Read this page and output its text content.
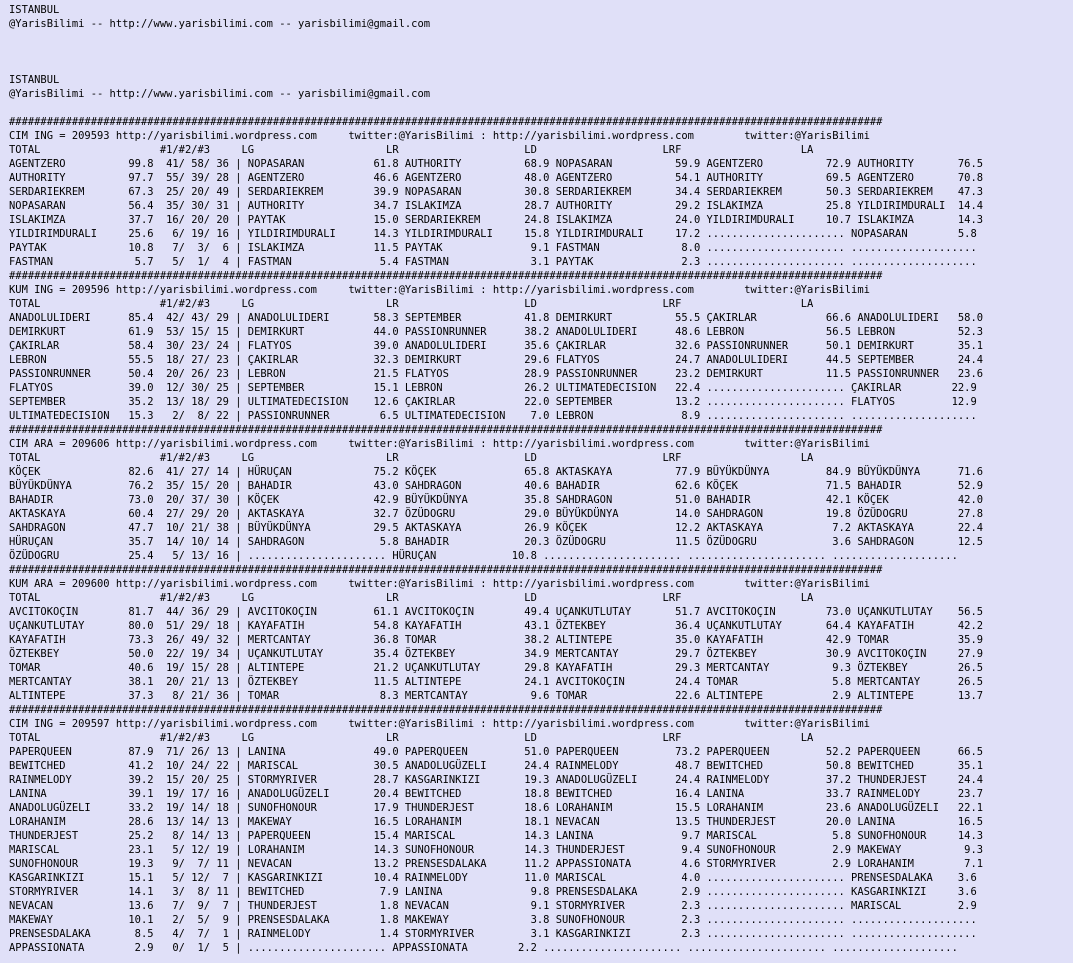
ISTANBUL
@YarisBilimi -- http://www.yarisbilimi.com -- yarisbilimi@gmail.com

ISTANBUL
@YarisBilimi -- http://www.yarisbilimi.com -- yarisbilimi@gmail.com

###########################################################################################################################################
CIM ING = 209593 http://yarisbilimi.wordpress.com     twitter:@YarisBilimi : http://yarisbilimi.wordpress.com        twitter:@YarisBilimi
TOTAL                   #1/#2/#3     LG                     LR                    LD                    LRF                   LA
AGENTZERO          99.8  41/ 58/ 36 | NOPASARAN           61.8 AUTHORITY          68.9 NOPASARAN          59.9 AGENTZERO          72.9 AUTHORITY       76.5
AUTHORITY          97.7  55/ 39/ 28 | AGENTZERO           46.6 AGENTZERO          48.0 AGENTZERO          54.1 AUTHORITY          69.5 AGENTZERO       70.8
SERDARIEKREM       67.3  25/ 20/ 49 | SERDARIEKREM        39.9 NOPASARAN          30.8 SERDARIEKREM       34.4 SERDARIEKREM       50.3 SERDARIEKREM    47.3
NOPASARAN          56.4  35/ 30/ 31 | AUTHORITY           34.7 ISLAKIMZA          28.7 AUTHORITY          29.2 ISLAKIMZA          25.8 YILDIRIMDURALI  14.4
ISLAKIMZA          37.7  16/ 20/ 20 | PAYTAK              15.0 SERDARIEKREM       24.8 ISLAKIMZA          24.0 YILDIRIMDURALI     10.7 ISLAKIMZA       14.3
YILDIRIMDURALI     25.6   6/ 19/ 16 | YILDIRIMDURALI      14.3 YILDIRIMDURALI     15.8 YILDIRIMDURALI     17.2 ...................... NOPASARAN        5.8
PAYTAK             10.8   7/  3/  6 | ISLAKIMZA           11.5 PAYTAK              9.1 FASTMAN             8.0 ...................... ....................
FASTMAN             5.7   5/  1/  4 | FASTMAN              5.4 FASTMAN             3.1 PAYTAK              2.3 ...................... ....................
###########################################################################################################################################
KUM ING = 209596 http://yarisbilimi.wordpress.com     twitter:@YarisBilimi : http://yarisbilimi.wordpress.com        twitter:@YarisBilimi
TOTAL                   #1/#2/#3     LG                     LR                    LD                    LRF                   LA
ANADOLULIDERI      85.4  42/ 43/ 29 | ANADOLULIDERI       58.3 SEPTEMBER          41.8 DEMIRKURT          55.5 ÇAKIRLAR           66.6 ANADOLULIDERI   58.0
DEMIRKURT          61.9  53/ 15/ 15 | DEMIRKURT           44.0 PASSIONRUNNER      38.2 ANADOLULIDERI      48.6 LEBRON             56.5 LEBRON          52.3
ÇAKIRLAR           58.4  30/ 23/ 24 | FLATYOS             39.0 ANADOLULIDERI      35.6 ÇAKIRLAR           32.6 PASSIONRUNNER      50.1 DEMIRKURT       35.1
LEBRON             55.5  18/ 27/ 23 | ÇAKIRLAR            32.3 DEMIRKURT          29.6 FLATYOS            24.7 ANADOLULIDERI      44.5 SEPTEMBER       24.4
PASSIONRUNNER      50.4  20/ 26/ 23 | LEBRON              21.5 FLATYOS            28.9 PASSIONRUNNER      23.2 DEMIRKURT          11.5 PASSIONRUNNER   23.6
FLATYOS            39.0  12/ 30/ 25 | SEPTEMBER           15.1 LEBRON             26.2 ULTIMATEDECISION   22.4 ...................... ÇAKIRLAR        22.9
SEPTEMBER          35.2  13/ 18/ 29 | ULTIMATEDECISION    12.6 ÇAKIRLAR           22.0 SEPTEMBER          13.2 ...................... FLATYOS         12.9
ULTIMATEDECISION   15.3   2/  8/ 22 | PASSIONRUNNER        6.5 ULTIMATEDECISION    7.0 LEBRON              8.9 ...................... ....................
###########################################################################################################################################
CIM ARA = 209606 http://yarisbilimi.wordpress.com     twitter:@YarisBilimi : http://yarisbilimi.wordpress.com        twitter:@YarisBilimi
TOTAL                   #1/#2/#3     LG                     LR                    LD                    LRF                   LA
KÖÇEK              82.6  41/ 27/ 14 | HÜRUÇAN             75.2 KÖÇEK              65.8 AKTASKAYA          77.9 BÜYÜKDÜNYA         84.9 BÜYÜKDÜNYA      71.6
BÜYÜKDÜNYA         76.2  35/ 15/ 20 | BAHADIR             43.0 SAHDRAGON          40.6 BAHADIR            62.6 KÖÇEK              71.5 BAHADIR         52.9
BAHADIR            73.0  20/ 37/ 30 | KÖÇEK               42.9 BÜYÜKDÜNYA         35.8 SAHDRAGON          51.0 BAHADIR            42.1 KÖÇEK           42.0
AKTASKAYA          60.4  27/ 29/ 20 | AKTASKAYA           32.7 ÖZÜDOGRU           29.0 BÜYÜKDÜNYA         14.0 SAHDRAGON          19.8 ÖZÜDOGRU        27.8
SAHDRAGON          47.7  10/ 21/ 38 | BÜYÜKDÜNYA          29.5 AKTASKAYA          26.9 KÖÇEK              12.2 AKTASKAYA           7.2 AKTASKAYA       22.4
HÜRUÇAN            35.7  14/ 10/ 14 | SAHDRAGON            5.8 BAHADIR            20.3 ÖZÜDOGRU           11.5 ÖZÜDOGRU            3.6 SAHDRAGON       12.5
ÖZÜDOGRU           25.4   5/ 13/ 16 | ...................... HÜRUÇAN            10.8 ...................... ...................... ....................
###########################################################################################################################################
KUM ARA = 209600 http://yarisbilimi.wordpress.com     twitter:@YarisBilimi : http://yarisbilimi.wordpress.com        twitter:@YarisBilimi
TOTAL                   #1/#2/#3     LG                     LR                    LD                    LRF                   LA
AVCITOKOÇIN        81.7  44/ 36/ 29 | AVCITOKOÇIN         61.1 AVCITOKOÇIN        49.4 UÇANKUTLUTAY       51.7 AVCITOKOÇIN        73.0 UÇANKUTLUTAY    56.5
UÇANKUTLUTAY       80.0  51/ 29/ 18 | KAYAFATIH           54.8 KAYAFATIH          43.1 ÖZTEKBEY           36.4 UÇANKUTLUTAY       64.4 KAYAFATIH       42.2
KAYAFATIH          73.3  26/ 49/ 32 | MERTCANTAY          36.8 TOMAR              38.2 ALTINTEPE          35.0 KAYAFATIH          42.9 TOMAR           35.9
ÖZTEKBEY           50.0  22/ 19/ 34 | UÇANKUTLUTAY        35.4 ÖZTEKBEY           34.9 MERTCANTAY         29.7 ÖZTEKBEY           30.9 AVCITOKOÇIN     27.9
TOMAR              40.6  19/ 15/ 28 | ALTINTEPE           21.2 UÇANKUTLUTAY       29.8 KAYAFATIH          29.3 MERTCANTAY          9.3 ÖZTEKBEY        26.5
MERTCANTAY         38.1  20/ 21/ 13 | ÖZTEKBEY            11.5 ALTINTEPE          24.1 AVCITOKOÇIN        24.4 TOMAR               5.8 MERTCANTAY      26.5
ALTINTEPE          37.3   8/ 21/ 36 | TOMAR                8.3 MERTCANTAY          9.6 TOMAR              22.6 ALTINTEPE           2.9 ALTINTEPE       13.7
###########################################################################################################################################
CIM ING = 209597 http://yarisbilimi.wordpress.com     twitter:@YarisBilimi : http://yarisbilimi.wordpress.com        twitter:@YarisBilimi
TOTAL                   #1/#2/#3     LG                     LR                    LD                    LRF                   LA
PAPERQUEEN         87.9  71/ 26/ 13 | LANINA              49.0 PAPERQUEEN         51.0 PAPERQUEEN         73.2 PAPERQUEEN         52.2 PAPERQUEEN      66.5
BEWITCHED          41.2  10/ 24/ 22 | MARISCAL            30.5 ANADOLUGÜZELI      24.4 RAINMELODY         48.7 BEWITCHED          50.8 BEWITCHED       35.1
RAINMELODY         39.2  15/ 20/ 25 | STORMYRIVER         28.7 KASGARINKIZI       19.3 ANADOLUGÜZELI      24.4 RAINMELODY         37.2 THUNDERJEST     24.4
LANINA             39.1  19/ 17/ 16 | ANADOLUGÜZELI       20.4 BEWITCHED          18.8 BEWITCHED          16.4 LANINA             33.7 RAINMELODY      23.7
ANADOLUGÜZELI      33.2  19/ 14/ 18 | SUNOFHONOUR         17.9 THUNDERJEST        18.6 LORAHANIM          15.5 LORAHANIM          23.6 ANADOLUGÜZELI   22.1
LORAHANIM          28.6  13/ 14/ 13 | MAKEWAY             16.5 LORAHANIM          18.1 NEVACAN            13.5 THUNDERJEST        20.0 LANINA          16.5
THUNDERJEST        25.2   8/ 14/ 13 | PAPERQUEEN          15.4 MARISCAL           14.3 LANINA              9.7 MARISCAL            5.8 SUNOFHONOUR     14.3
MARISCAL           23.1   5/ 12/ 19 | LORAHANIM           14.3 SUNOFHONOUR        14.3 THUNDERJEST         9.4 SUNOFHONOUR         2.9 MAKEWAY          9.3
SUNOFHONOUR        19.3   9/  7/ 11 | NEVACAN             13.2 PRENSESDALAKA      11.2 APPASSIONATA        4.6 STORMYRIVER         2.9 LORAHANIM        7.1
KASGARINKIZI       15.1   5/ 12/  7 | KASGARINKIZI        10.4 RAINMELODY         11.0 MARISCAL            4.0 ...................... PRENSESDALAKA    3.6
STORMYRIVER        14.1   3/  8/ 11 | BEWITCHED            7.9 LANINA              9.8 PRENSESDALAKA       2.9 ...................... KASGARINKIZI     3.6
NEVACAN            13.6   7/  9/  7 | THUNDERJEST          1.8 NEVACAN             9.1 STORMYRIVER         2.3 ...................... MARISCAL         2.9
MAKEWAY            10.1   2/  5/  9 | PRENSESDALAKA        1.8 MAKEWAY             3.8 SUNOFHONOUR         2.3 ...................... ....................
PRENSESDALAKA       8.5   4/  7/  1 | RAINMELODY           1.4 STORMYRIVER         3.1 KASGARINKIZI        2.3 ...................... ....................
APPASSIONATA        2.9   0/  1/  5 | ...................... APPASSIONATA        2.2 ...................... ...................... ....................
